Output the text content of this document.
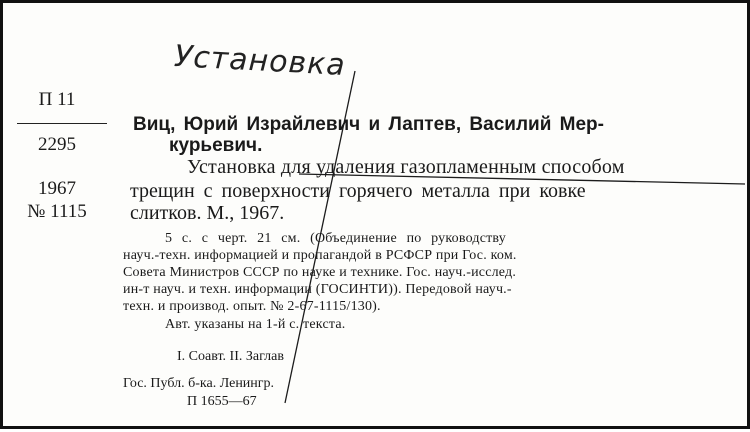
Установка
П 11
2295
1967
№ 1115
Виц, Юрий Израйлевич и Лаптев, Василий Мер-
курьевич.
Установка для удаления газопламенным способом
трещин с поверхности горячего металла при ковке
слитков. М., 1967.
5 с. с черт. 21 см. (Объединение по руководству
науч.-техн. информацией и пропагандой в РСФСР при Гос. ком.
Совета Министров СССР по науке и технике. Гос. науч.-исслед.
ин-т науч. и техн. информации (ГОСИНТИ)). Передовой науч.-
техн. и производ. опыт. № 2-67-1115/130).
Авт. указаны на 1-й с. текста.
I. Соавт. II. Заглав
Гос. Публ. б-ка. Ленингр.
П 1655—67
